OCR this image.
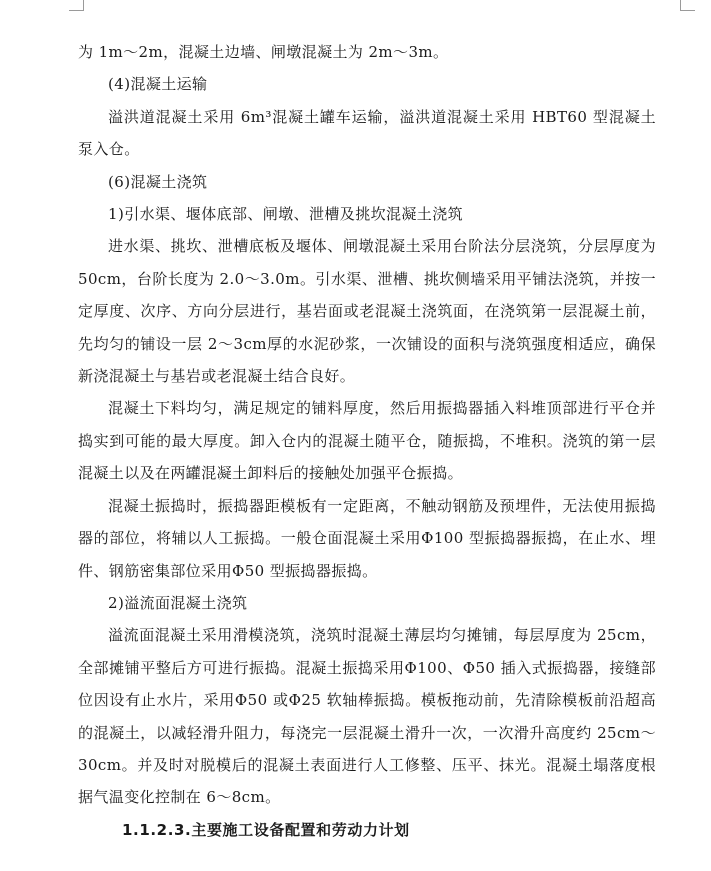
为 1m～2m，混凝土边墙、闸墩混凝土为 2m～3m。

(4)混凝土运输

溢洪道混凝土采用 6m³混凝土罐车运输，溢洪道混凝土采用 HBT60 型混凝土泵入仓。

(6)混凝土浇筑

1)引水渠、堰体底部、闸墩、泄槽及挑坎混凝土浇筑

进水渠、挑坎、泄槽底板及堰体、闸墩混凝土采用台阶法分层浇筑，分层厚度为 50cm，台阶长度为 2.0～3.0m。引水渠、泄槽、挑坎侧墙采用平铺法浇筑，并按一定厚度、次序、方向分层进行，基岩面或老混凝土浇筑面，在浇筑第一层混凝土前，先均匀的铺设一层 2～3cm厚的水泥砂浆，一次铺设的面积与浇筑强度相适应，确保新浇混凝土与基岩或老混凝土结合良好。

混凝土下料均匀，满足规定的铺料厚度，然后用振捣器插入料堆顶部进行平仓并捣实到可能的最大厚度。卸入仓内的混凝土随平仓，随振捣，不堆积。浇筑的第一层混凝土以及在两罐混凝土卸料后的接触处加强平仓振捣。

混凝土振捣时，振捣器距模板有一定距离，不触动钢筋及预埋件，无法使用振捣器的部位，将辅以人工振捣。一般仓面混凝土采用Φ100 型振捣器振捣，在止水、埋件、钢筋密集部位采用Φ50 型振捣器振捣。

2)溢流面混凝土浇筑

溢流面混凝土采用滑模浇筑，浇筑时混凝土薄层均匀摊铺，每层厚度为 25cm，全部摊铺平整后方可进行振捣。混凝土振捣采用Φ100、Φ50 插入式振捣器，接缝部位因设有止水片，采用Φ50 或Φ25 软轴棒振捣。模板拖动前，先清除模板前沿超高的混凝土，以减轻滑升阻力，每浇完一层混凝土滑升一次，一次滑升高度约 25cm～30cm。并及时对脱模后的混凝土表面进行人工修整、压平、抹光。混凝土塌落度根据气温变化控制在 6～8cm。

1.1.2.3.主要施工设备配置和劳动力计划
